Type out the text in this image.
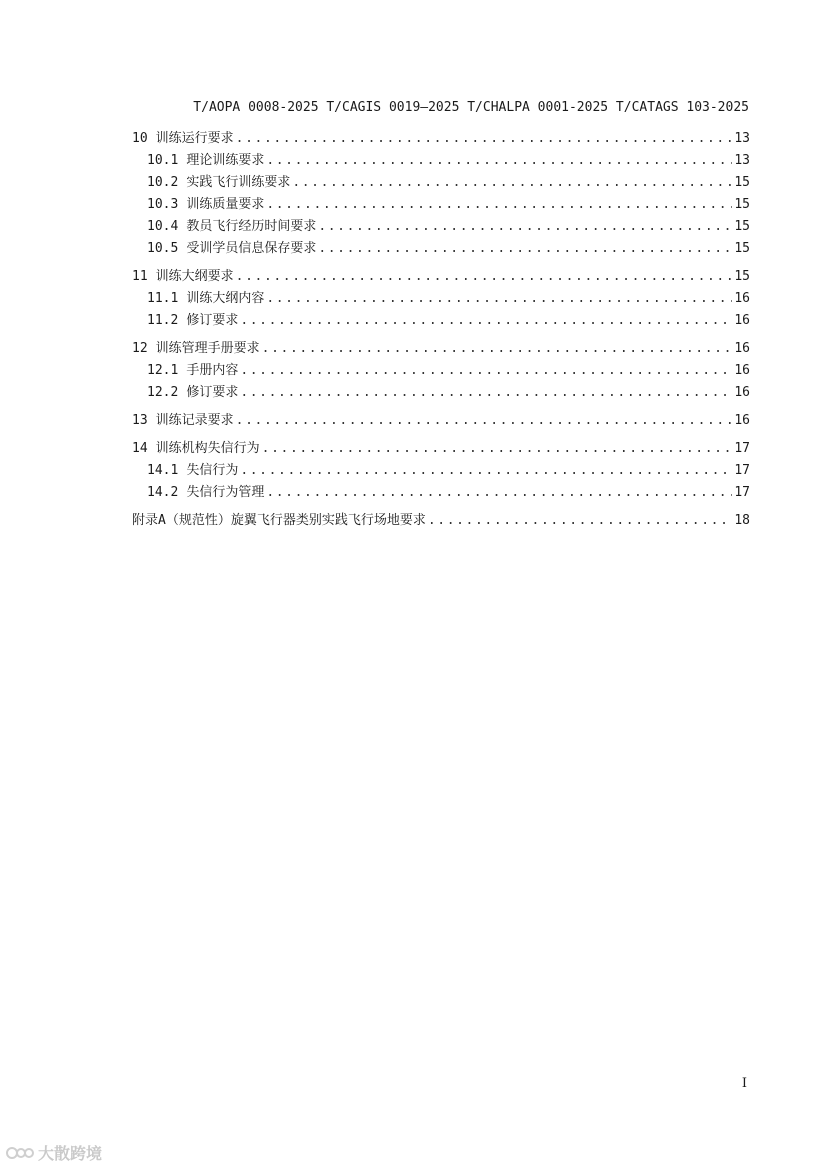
T/AOPA 0008-2025 T/CAGIS 0019—2025 T/CHALPA 0001-2025 T/CATAGS 103-2025
10 训练运行要求 .....	13
10.1 理论训练要求 .....	13
10.2 实践飞行训练要求 .....	15
10.3 训练质量要求 .....	15
10.4 教员飞行经历时间要求 .....	15
10.5 受训学员信息保存要求 .....	15
11 训练大纲要求 .....	15
11.1 训练大纲内容 .....	16
11.2 修订要求 .....	16
12 训练管理手册要求 .....	16
12.1 手册内容 .....	16
12.2 修订要求 .....	16
13 训练记录要求 .....	16
14 训练机构失信行为 .....	17
14.1 失信行为 .....	17
14.2 失信行为管理 .....	17
附录A （规范性）旋翼飞行器类别实践飞行场地要求 .....	18
I
大散跨境
